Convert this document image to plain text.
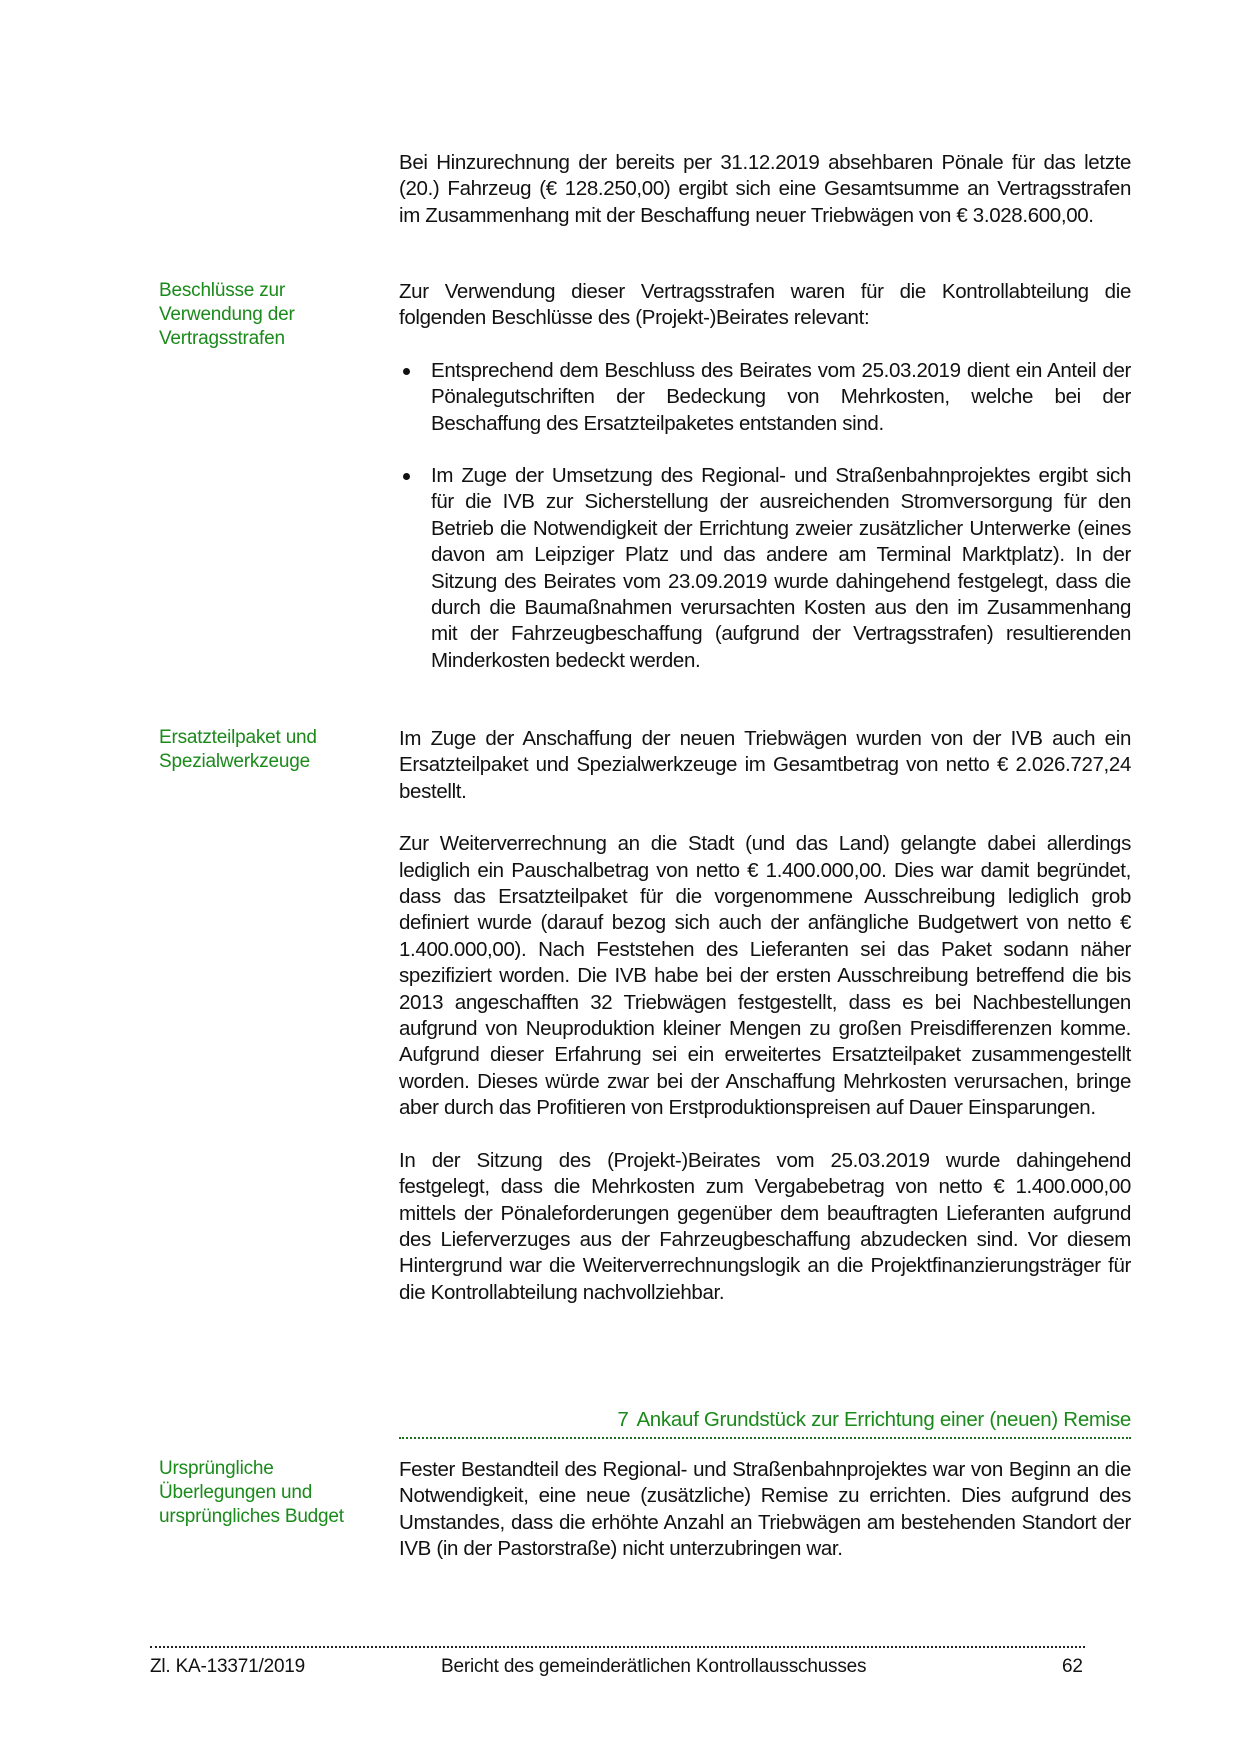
Bei Hinzurechnung der bereits per 31.12.2019 absehbaren Pönale für das letzte (20.) Fahrzeug (€ 128.250,00) ergibt sich eine Gesamtsumme an Vertragsstrafen im Zusammenhang mit der Beschaffung neuer Triebwägen von € 3.028.600,00.

Beschlüsse zur Verwendung der Vertragsstrafen

Zur Verwendung dieser Vertragsstrafen waren für die Kontrollabteilung die folgenden Beschlüsse des (Projekt-)Beirates relevant:

Entsprechend dem Beschluss des Beirates vom 25.03.2019 dient ein Anteil der Pönalegutschriften der Bedeckung von Mehrkosten, welche bei der Beschaffung des Ersatzteilpaketes entstanden sind.
Im Zuge der Umsetzung des Regional- und Straßenbahnprojektes ergibt sich für die IVB zur Sicherstellung der ausreichenden Stromversorgung für den Betrieb die Notwendigkeit der Errichtung zweier zusätzlicher Unterwerke (eines davon am Leipziger Platz und das andere am Terminal Marktplatz). In der Sitzung des Beirates vom 23.09.2019 wurde dahingehend festgelegt, dass die durch die Baumaßnahmen verursachten Kosten aus den im Zusammenhang mit der Fahrzeugbeschaffung (aufgrund der Vertragsstrafen) resultierenden Minderkosten bedeckt werden.
Ersatzteilpaket und Spezialwerkzeuge

Im Zuge der Anschaffung der neuen Triebwägen wurden von der IVB auch ein Ersatzteilpaket und Spezialwerkzeuge im Gesamtbetrag von netto € 2.026.727,24 bestellt.

Zur Weiterverrechnung an die Stadt (und das Land) gelangte dabei allerdings lediglich ein Pauschalbetrag von netto € 1.400.000,00. Dies war damit begründet, dass das Ersatzteilpaket für die vorgenommene Ausschreibung lediglich grob definiert wurde (darauf bezog sich auch der anfängliche Budgetwert von netto € 1.400.000,00). Nach Feststehen des Lieferanten sei das Paket sodann näher spezifiziert worden. Die IVB habe bei der ersten Ausschreibung betreffend die bis 2013 angeschafften 32 Triebwägen festgestellt, dass es bei Nachbestellungen aufgrund von Neuproduktion kleiner Mengen zu großen Preisdifferenzen komme. Aufgrund dieser Erfahrung sei ein erweitertes Ersatzteilpaket zusammengestellt worden. Dieses würde zwar bei der Anschaffung Mehrkosten verursachen, bringe aber durch das Profitieren von Erstproduktionspreisen auf Dauer Einsparungen.

In der Sitzung des (Projekt-)Beirates vom 25.03.2019 wurde dahingehend festgelegt, dass die Mehrkosten zum Vergabebetrag von netto € 1.400.000,00 mittels der Pönaleforderungen gegenüber dem beauftragten Lieferanten aufgrund des Lieferverzuges aus der Fahrzeugbeschaffung abzudecken sind. Vor diesem Hintergrund war die Weiterverrechnungslogik an die Projektfinanzierungsträger für die Kontrollabteilung nachvollziehbar.

7 Ankauf Grundstück zur Errichtung einer (neuen) Remise
Ursprüngliche Überlegungen und ursprüngliches Budget

Fester Bestandteil des Regional- und Straßenbahnprojektes war von Beginn an die Notwendigkeit, eine neue (zusätzliche) Remise zu errichten. Dies aufgrund des Umstandes, dass die erhöhte Anzahl an Triebwägen am bestehenden Standort der IVB (in der Pastorstraße) nicht unterzubringen war.

Zl. KA-13371/2019	Bericht des gemeinderätlichen Kontrollausschusses	62
